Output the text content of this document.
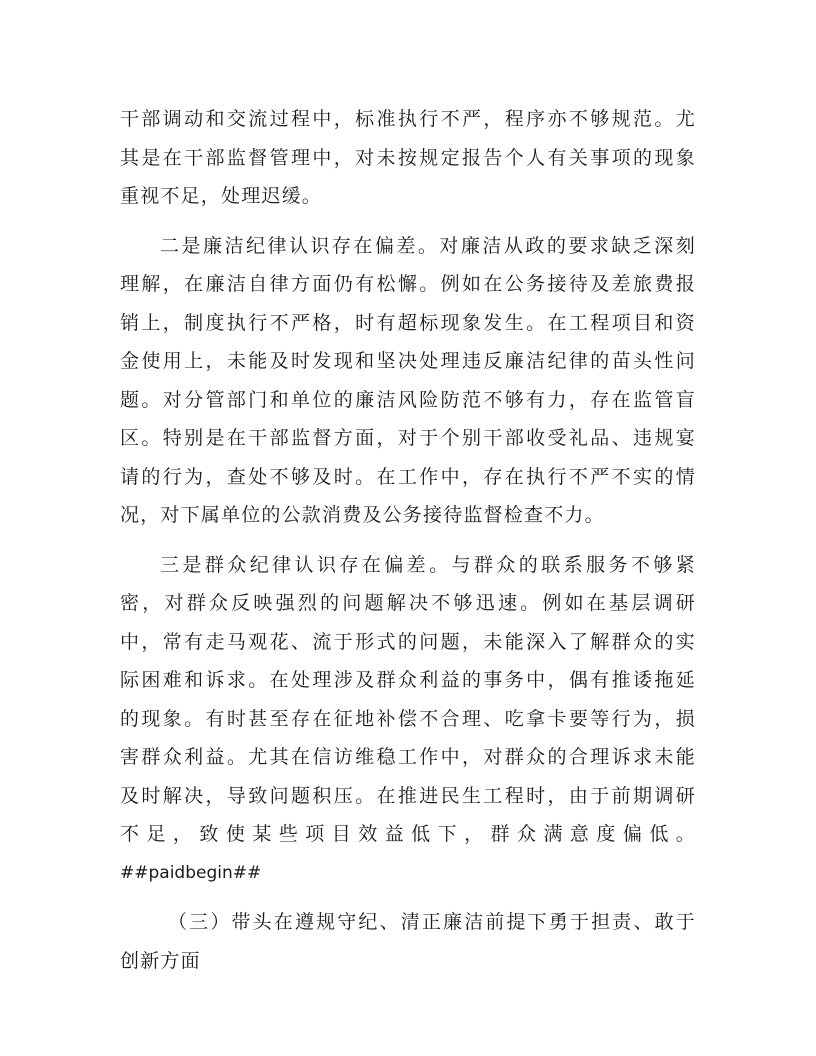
干部调动和交流过程中，标准执行不严，程序亦不够规范。尤
其是在干部监督管理中，对未按规定报告个人有关事项的现象
重视不足，处理迟缓。
二是廉洁纪律认识存在偏差。对廉洁从政的要求缺乏深刻
理解，在廉洁自律方面仍有松懈。例如在公务接待及差旅费报
销上，制度执行不严格，时有超标现象发生。在工程项目和资
金使用上，未能及时发现和坚决处理违反廉洁纪律的苗头性问
题。对分管部门和单位的廉洁风险防范不够有力，存在监管盲
区。特别是在干部监督方面，对于个别干部收受礼品、违规宴
请的行为，查处不够及时。在工作中，存在执行不严不实的情
况，对下属单位的公款消费及公务接待监督检查不力。
三是群众纪律认识存在偏差。与群众的联系服务不够紧
密，对群众反映强烈的问题解决不够迅速。例如在基层调研
中，常有走马观花、流于形式的问题，未能深入了解群众的实
际困难和诉求。在处理涉及群众利益的事务中，偶有推诿拖延
的现象。有时甚至存在征地补偿不合理、吃拿卡要等行为，损
害群众利益。尤其在信访维稳工作中，对群众的合理诉求未能
及时解决，导致问题积压。在推进民生工程时，由于前期调研
不足，致使某些项目效益低下，群众满意度偏低。
##paidbegin##
（三）带头在遵规守纪、清正廉洁前提下勇于担责、敢于
创新方面
